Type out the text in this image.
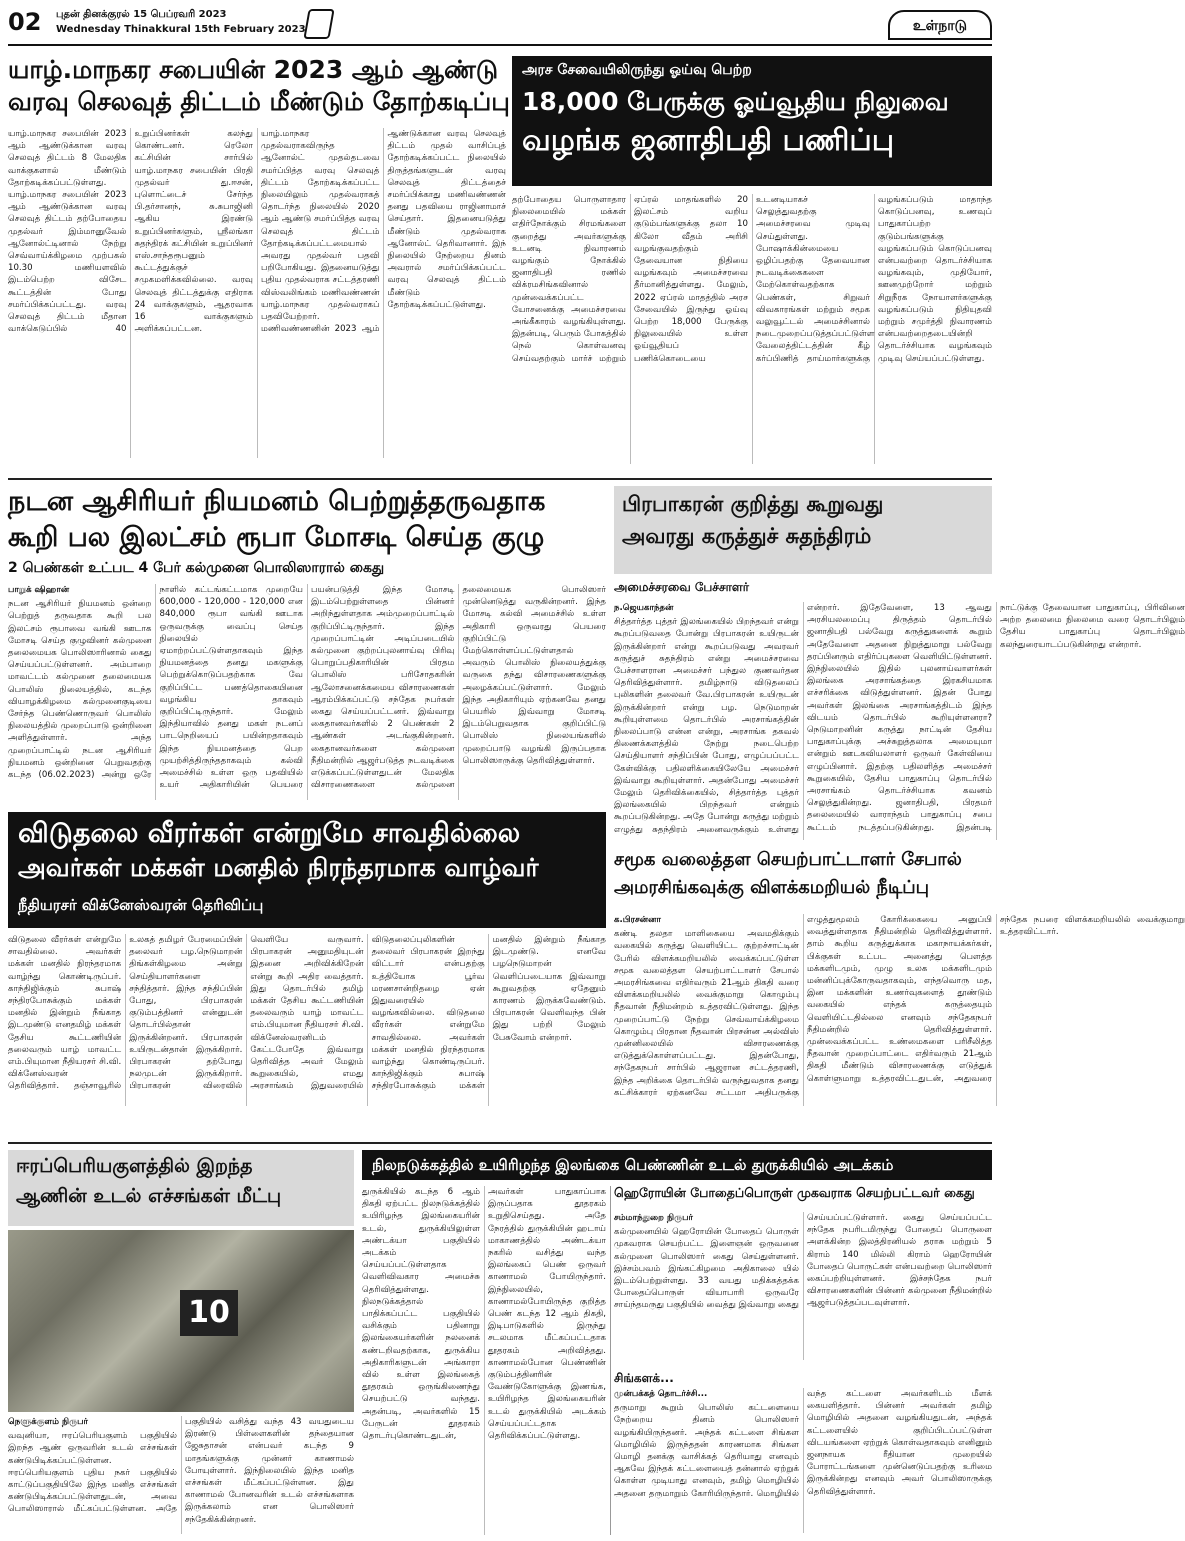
02 புதன் தினக்குரல் 15 பெப்ரவரி 2023
Wednesday Thinakkural 15th February 2023	உள்நாடு
யாழ்.மாநகர சபையின் 2023 ஆம் ஆண்டு
வரவு செலவுத் திட்டம் மீண்டும் தோற்கடிப்பு
யாழ்.மாநகர சபையின் 2023 ஆம் ஆண்டுக்கான வரவு செலவுத் திட்டம் 8 மேலதிக வாக்குகளால் மீண்டும் தோற்கடிக்கப்பட்டுள்ளது. யாழ்.மாநகர சபையின் 2023 ஆம் ஆண்டுக்கான வரவு செலவுத் திட்டம் தற்போதைய முதல்வர் இம்மானுவேல் ஆனோல்ட்டினால் நேற்று செவ்வாய்க்கிழமை முற்பகல் 10.30 மணியளவில் இடம்பெற்ற விசேட கூட்டத்தின் போது சமர்ப்பிக்கப்பட்டது. வரவு செலவுத் திட்டம் மீதான வாக்கெடுப்பில் 40 உறுப்பினர்கள் கலந்து கொண்டனர். ரெலோ கட்சியின் சார்பில் யாழ்.மாநகர சபையின் பிரதி முதல்வர் து.ஈசன், புளொட்டைச் சேர்ந்த பி.தர்சானந், சு.சுபாஜினி ஆகிய இரண்டு உறுப்பினர்களும், ஸ்ரீலங்கா சுதந்திரக் கட்சியின் உறுப்பினர் எஸ்.சாந்தரூபனும் கூட்டத்துக்குச் சமுகமளிக்கவில்லை. வரவு செலவுத் திட்டத்துக்கு எதிராக 24 வாக்குகளும், ஆதரவாக 16 வாக்குகளும் அளிக்கப்பட்டன. யாழ்.மாநகர முதல்வராகவிருந்த ஆனோல்ட் முதல்தடவை சமர்ப்பித்த வரவு செலவுத் திட்டம் தோற்கடிக்கப்பட்ட நிலையிலும் முதல்வராகத் தொடர்ந்த நிலையில் 2020 ஆம் ஆண்டு சமர்ப்பித்த வரவு செலவுத் திட்டம் தோற்கடிக்கப்பட்டமையால் அவரது முதல்வர் பதவி பறிபோகியது. இதனையடுத்து புதிய முதல்வராக சட்டத்தரணி விஸ்வலிங்கம் மணிவண்ணன் யாழ்.மாநகர முதல்வராகப் பதவியேற்றார். மணிவண்ணனின் 2023 ஆம் ஆண்டுக்கான வரவு செலவுத் திட்டம் முதல் வாசிப்புத் தோற்கடிக்கப்பட்ட நிலையில் திருத்தங்களுடன் வரவு செலவுத் திட்டத்தைச் சமர்ப்பிக்காது மணிவண்ணன் தனது பதவியை ராஜினாமாச் செய்தார். இதனையடுத்து மீண்டும் முதல்வராக ஆனோல்ட் தெரிவானார். இந் நிலையில் நேற்றைய தினம் அவரால் சமர்ப்பிக்கப்பட்ட வரவு செலவுத் திட்டம் மீண்டும் தோற்கடிக்கப்பட்டுள்ளது.
அரச சேவையிலிருந்து ஓய்வு பெற்ற
18,000 பேருக்கு ஓய்வூதிய நிலுவை
வழங்க ஜனாதிபதி பணிப்பு
தற்போதைய பொருளாதார நிலைமையில் மக்கள் எதிர்நோக்கும் சிரமங்களை குறைத்து அவர்களுக்கு உடனடி நிவாரணம் வழங்கும் நோக்கில் ஜனாதிபதி ரணில் விக்ரமசிங்கவினால் முன்வைக்கப்பட்ட யோசனைக்கு அமைச்சரவை அங்கீகாரம் வழங்கியுள்ளது. இதன்படி, பெரும் போகத்தில் நெல் கொள்வனவு செய்வதற்கும் மார்ச் மற்றும் ஏப்ரல் மாதங்களில் 20 இலட்சம் வறிய குடும்பங்களுக்கு தலா 10 கிலோ வீதம் அரிசி வழங்குவதற்கும் தேவையான நிதியை வழங்கவும் அமைச்சரவை தீர்மானித்துள்ளது. மேலும், 2022 ஏப்ரல் மாதத்தில் அரச சேவையில் இருந்து ஓய்வு பெற்ற 18,000 பேருக்கு நிலுவையில் உள்ள ஓய்வூதியப் பணிக்கொடையை உடனடியாகச் செலுத்துவதற்கு அமைச்சரவை முடிவு செய்துள்ளது. போஷாக்கின்மையை ஒழிப்பதற்கு தேவையான நடவடிக்கைகளை மேற்கொள்வதற்காக பெண்கள், சிறுவர் விவகாரங்கள் மற்றும் சமூக வலுவூட்டல் அமைச்சினால் நடைமுறைப்படுத்தப்பட்டுள்ள வேலைத்திட்டத்தின் கீழ் கர்ப்பிணித் தாய்மார்களுக்கு வழங்கப்படும் மாதாந்த கொடுப்பனவு, உணவுப் பாதுகாப்பற்ற குடும்பங்களுக்கு வழங்கப்படும் கொடுப்பனவு என்பவற்றை தொடர்ச்சியாக வழங்கவும், முதியோர், ஊனமுற்றோர் மற்றும் சிறுநீரக நோயாளர்களுக்கு வழங்கப்படும் நிதியுதவி மற்றும் சமுர்த்தி நிவாரணம் என்பவற்றைதடையின்றி தொடர்ச்சியாக வழங்கவும் முடிவு செய்யப்பட்டுள்ளது.
நடன ஆசிரியர் நியமனம் பெற்றுத்தருவதாக
கூறி பல இலட்சம் ரூபா மோசடி செய்த குழு
2 பெண்கள் உட்பட 4 பேர் கல்முனை பொலிஸாரால் கைது
பாறுக் ஷிஹான்
நடன ஆசிரியர் நியமனம் ஒன்றை பெற்றுத் தருவதாக கூறி பல இலட்சம் ரூபாவை வங்கி ஊடாக மோசடி செய்த குழுவினர் கல்முனை தலைமையக பொலிஸாரினால் கைது செய்யப்பட்டுள்ளனர். அம்பாறை மாவட்டம் கல்முனை தலைமையக பொலிஸ் நிலையத்தில், கடந்த வியாழக்கிழமை கல்முனைகுடியை சேர்ந்த பெண்ணொருவர் பொலிஸ் நிலையத்தில் முறைப்பாடு ஒன்றினை அளித்துள்ளார். அந்த முறைப்பாட்டில் நடன ஆசிரியர் நியமனம் ஒன்றினை பெறுவதற்கு கடந்த (06.02.2023) அன்று ஒரே நாளில் கட்டங்கட்டமாக முறையே 600,000 - 120,000 - 120,000 என 840,000 ரூபா வங்கி ஊடாக ஒருவருக்கு வைப்பு செய்த நிலையில் ஏமாற்றப்பட்டுள்ளதாகவும் இந்த நியமனத்தை தனது மகளுக்கு பெற்றுக்கொடுப்பதற்காக வே குறிப்பிட்ட பணத்தொகையினை வழங்கிய தாகவும் குறிப்பிட்டிருந்தார். மேலும் இந்தியாவில் தனது மகள் நடனப் பாடநெறியைப் பயின்றதாகவும் இந்த நியமனத்தை பெற முயற்சித்திருந்ததாகவும் கல்வி அமைச்சில் உள்ள ஒரு பதவியில் உயர் அதிகாரியின் பெயரை பயன்படுத்தி இந்த மோசடி இடம்பெற்றுள்ளதை பின்னர் அறிந்துள்ளதாக அம்முறைப்பாட்டில் குறிப்பிட்டிருந்தார். இந்த முறைப்பாட்டின் அடிப்படையில் கல்முனை குற்றப்புலனாய்வு பிரிவு பொறுப்பதிகாரியின் பிரதம பொலிஸ் பரிசோதகரின் ஆலோசனைக்கமைய விசாரணைகள் ஆரம்பிக்கப்பட்டு சந்தேக நபர்கள் கைது செய்யப்பட்டனர். இவ்வாறு கைதானவர்களில் 2 பெண்கள் 2 ஆண்கள் அடங்குகின்றனர். கைதானவர்களை கல்முனை நீதிமன்றில் ஆஜர்படுத்த நடவடிக்கை எடுக்கப்பட்டுள்ளதுடன் மேலதிக விசாரணைகளை கல்முனை தலைமையக பொலிஸார் முன்னெடுத்து வருகின்றனர். இந்த மோசடி கல்வி அமைச்சில் உள்ள அதிகாரி ஒருவரது பெயரை குறிப்பிட்டு மேற்கொள்ளப்பட்டுள்ளதால் அவரும் பொலிஸ் நிலையத்துக்கு வருகை தந்து விசாரணைகளுக்கு அழைக்கப்பட்டுள்ளார். மேலும் இந்த அதிகாரியும் ஏற்கனவே தனது பெயரில் இவ்வாறு மோசடி இடம்பெறுவதாக குறிப்பிட்டு பொலிஸ் நிலையங்களில் முறைப்பாடு வழங்கி இருப்பதாக பொலிஸாருக்கு தெரிவித்துள்ளார்.
பிரபாகரன் குறித்து கூறுவது
அவரது கருத்துச் சுதந்திரம்
அமைச்சரவை பேச்சாளர்
ந.ஜெயகாந்தன்
சித்தார்த்த புத்தர் இலங்கையில் பிறந்தவர் என்று கூறப்படுவதை போன்று பிரபாகரன் உயிருடன் இருக்கின்றார் என்று கூறப்படுவது அவரவர் கருத்துச் சுதந்திரம் என்று அமைச்சரவை பேச்சாளரான அமைச்சர் பந்துல குணவர்தன தெரிவித்துள்ளார். தமிழ்நாடு விடுதலைப் புலிகளின் தலைவர் வே.பிரபாகரன் உயிருடன் இருக்கின்றார் என்று பழ. நெடுமாறன் கூறியுள்ளமை தொடர்பில் அரசாங்கத்தின் நிலைப்பாடு என்ன என்று, அரசாங்க தகவல் திணைக்களத்தில் நேற்று நடைபெற்ற செய்தியாளர் சந்திப்பின் போது, எழுப்பப்பட்ட கேள்விக்கு பதிலளிக்கையிலேயே அமைச்சர் இவ்வாறு கூறியுள்ளார். அதன்போது அமைச்சர் மேலும் தெரிவிக்கையில், சித்தார்த்த புத்தர் இலங்கையில் பிறந்தவர் என்றும் கூறப்படுகின்றது. அதே போன்று கருத்து மற்றும் எழுத்து சுதந்திரம் அனைவருக்கும் உள்ளது என்றார். இதேவேளை, 13 ஆவது அரசியலமைப்பு திருத்தம் தொடர்பில் ஜனாதிபதி பல்வேறு கருத்துகளைக் கூறும் அதேவேளை அதனை நிறுத்துமாறு பல்வேறு தரப்பினரும் எதிர்ப்புகளை வெளியிட்டுள்ளனர். இந்நிலையில் இதில் புலனாய்வாளர்கள் இலங்கை அரசாங்கத்தை இரகசியமாக எச்சரிக்கை விடுத்துள்ளனர். இதன் போது அவர்கள் இலங்கை அரசாங்கத்திடம் இந்த விடயம் தொடர்பில் கூறியுள்ளனரா? நெடுமாறனின் கருத்து நாட்டின் தேசிய பாதுகாப்புக்கு அச்சுறுத்தலாக அமையுமா என்றும் ஊடகவியலாளர் ஒருவர் கேள்வியை எழுப்பினார். இதற்கு பதிலளித்த அமைச்சர் கூறுகையில், தேசிய பாதுகாப்பு தொடர்பில் அரசாங்கம் தொடர்ச்சியாக கவனம் செலுத்துகின்றது. ஜனாதிபதி, பிரதமர் தலைமையில் வாராந்தம் பாதுகாப்பு சபை கூட்டம் நடத்தப்படுகின்றது. இதன்படி நாட்டுக்கு தேவையான பாதுகாப்பு, பிரிவினை அற்ற தலைமை நிலைமை வரை தொடர்பிலும் தேசிய பாதுகாப்பு தொடர்பிலும் கலந்துரையாடப்படுகின்றது என்றார்.
விடுதலை வீரர்கள் என்றுமே சாவதில்லை
அவர்கள் மக்கள் மனதில் நிரந்தரமாக வாழ்வர்
நீதியரசர் விக்னேஸ்வரன் தெரிவிப்பு
விடுதலை வீரர்கள் என்றுமே சாவதில்லை. அவர்கள் மக்கள் மனதில் நிரந்தரமாக வாழ்ந்து கொண்டிருப்பர். காந்திஜிக்கும் சுபாஷ் சந்திரபோசுக்கும் மக்கள் மனதில் இன்றும் நீங்காத இடமுண்டு எனதமிழ் மக்கள் தேசிய கூட்டணியின் தலைவரும் யாழ் மாவட்ட எம்.பியுமான நீதியரசர் சி.வி. விக்னேஸ்வரன் தெரிவித்தார். தஞ்சாவூரில் உலகத் தமிழர் பேரமைப்பின் தலைவர் பழ.நெடுமாறன் திங்கள்கிழமை அன்று செய்தியாளர்களை சந்தித்தார். இந்த சந்திப்பின் போது, பிரபாகரன் குடும்பத்தினர் என்னுடன் தொடர்பில்தான் இருக்கின்றனர். பிரபாகரன் உயிருடன்தான் இருக்கிறார். பிரபாகரன் தற்போது நலமுடன் இருக்கிறார். பிரபாகரன் விரைவில் வெளியே வருவார். பிரபாகரன் அனுமதியுடன் இதனை அறிவிக்கிறேன் என்று கூறி அதிர வைத்தார். இது தொடர்பில் தமிழ் மக்கள் தேசிய கூட்டணியின் தலைவரும் யாழ் மாவட்ட எம்.பியுமான நீதியரசர் சி.வி. விக்னேஸ்வரனிடம் கேட்டபோதே இவ்வாறு தெரிவித்த அவர் மேலும் கூறுகையில், எமது அரசாங்கம் இதுவரையில் விடுதலைப்புலிகளின் தலைவர் பிரபாகரன் இறந்து விட்டார் என்பதற்கு உத்தியோக பூர்வ மரணசான்றிதழை ஏன் இதுவரையில் வழங்கவில்லை. விடுதலை வீரர்கள் என்றுமே சாவதில்லை. அவர்கள் மக்கள் மனதில் நிரந்தரமாக வாழ்ந்து கொண்டிருப்பர். காந்திஜிக்கும் சுபாஷ் சந்திரபோசுக்கும் மக்கள் மனதில் இன்றும் நீங்காத இடமுண்டு. எனவே பழநெடுமாறன் வெளிப்படையாக இவ்வாறு கூறுவதற்கு ஏதேனும் காரணம் இருக்கவேண்டும். பிரபாகரன் வெளிவந்த பின் இது பற்றி மேலும் பேசுவோம் என்றார்.
சமூக வலைத்தள செயற்பாட்டாளர் சேபால்
அமரசிங்கவுக்கு விளக்கமறியல் நீடிப்பு
க.பிரசன்னா
கண்டி தலதா மாளிகையை அவமதிக்கும் வகையில் கருத்து வெளியிட்ட குற்றச்சாட்டின் பேரில் விளக்கமறியலில் வைக்கப்பட்டுள்ள சமூக வலைத்தள செயற்பாட்டாளர் சேபால் அமரசிங்கவை எதிர்வரும் 21ஆம் திகதி வரை விளக்கமறியலில் வைக்குமாறு கொழும்பு நீதவான் நீதிமன்றம் உத்தரவிட்டுள்ளது. இந்த முறைப்பாட்டு நேற்று செவ்வாய்க்கிழமை கொழும்பு பிரதான நீதவான் பிரசன்ன அல்விஸ் முன்னிலையில் விசாரணைக்கு எடுத்துக்கொள்ளப்பட்டது. இதன்போது, சந்தேகநபர் சார்பில் ஆஜரான சட்டத்தரணி, இந்த அறிக்கை தொடர்பில் வருந்துவதாக தனது கட்சிக்காரர் ஏற்கனவே சட்டமா அதிபருக்கு எழுத்துமூலம் கோரிக்கையை அனுப்பி வைத்துள்ளதாக நீதிமன்றில் தெரிவித்துள்ளார். தாம் கூறிய கருத்துக்காக மகாநாயக்கர்கள், பிக்குகள் உட்பட அனைத்து பௌத்த மக்களிடமும், முழு உலக மக்களிடமும் மன்னிப்புக்கோருவதாகவும், எந்தவொரு மத, இன மக்களின் உணர்வுகளைத் தூண்டும் வகையில் எந்தக் கருத்தையும் வெளியிட்டதில்லை எனவும் சந்தேகநபர் நீதிமன்றில் தெரிவித்துள்ளார். முன்வைக்கப்பட்ட உண்மைகளை பரிசீலித்த நீதவான் முறைப்பாட்டை எதிர்வரும் 21ஆம் திகதி மீண்டும் விசாரணைக்கு எடுத்துக் கொள்ளுமாறு உத்தரவிட்டதுடன், அதுவரை சந்தேக நபரை விளக்கமறியலில் வைக்குமாறு உத்தரவிட்டார்.
ஈரப்பெரியகுளத்தில் இறந்த
ஆணின் உடல் எச்சங்கள் மீட்பு
10
நெளுக்குளம் நிருபர்
வவுனியா, ஈரப்பெரியகுளம் பகுதியில் இறந்த ஆண் ஒருவரின் உடல் எச்சங்கள் கண்டுபிடிக்கப்பட்டுள்ளன. ஈரப்பெரியகுளம் புதிய நகர் பகுதியில் காட்டுப்பகுதியிலே இந்த மனித எச்சங்கள் கண்டுபிடிக்கப்பட்டுள்ளதுடன், அவை பொலிஸாரால் மீட்கப்பட்டுள்ளன. அதே பகுதியில் வசித்து வந்த 43 வயதுடைய இரண்டு பிள்ளைகளின் தந்தையான ஜேசுதாசன் என்பவர் கடந்த 9 மாதங்களுக்கு முன்னர் காணாமல் போயுள்ளார். இந்நிலையில் இந்த மனித எச்சங்கள் மீட்கப்பட்டுள்ளன. இது காணாமல் போனவரின் உடல் எச்சங்களாக இருக்கலாம் என பொலிஸார் சந்தேகிக்கின்றனர்.
நிலநடுக்கத்தில் உயிரிழந்த இலங்கை பெண்ணின் உடல் துருக்கியில் அடக்கம்
துருக்கியில் கடந்த 6 ஆம் திகதி ஏற்பட்ட நிலநடுக்கத்தில் உயிரிழந்த இலங்கையரின் உடல், துருக்கியிலுள்ள அண்டக்யா பகுதியில் அடக்கம் செய்யப்பட்டுள்ளதாக வெளிவிவகார அமைச்சு தெரிவித்துள்ளது. நிலநடுக்கத்தால் பாதிக்கப்பட்ட பகுதியில் வசிக்கும் பதினாறு இலங்கையர்களின் நலனைக் கண்டறிவதற்காக, துருக்கிய அதிகாரிகளுடன் அங்காரா வில் உள்ள இலங்கைத் தூதரகம் ஒருங்கிணைந்து செயற்பட்டு வந்தது. அதன்படி, அவர்களில் 15 பேருடன் தூதரகம் தொடர்புகொண்டதுடன், அவர்கள் பாதுகாப்பாக இருப்பதாக தூதரகம் உறுதிசெய்தது. அதே நேரத்தில் துருக்கியின் ஹடாய் மாகாணத்தில் அண்டக்யா நகரில் வசித்து வந்த இலங்கைப் பெண் ஒருவர் காணாமல் போயிருந்தார். இந்நிலையில், காணாமல்போயிருந்த குறித்த பெண் கடந்த 12 ஆம் திகதி, இடிபாடுகளில் இருந்து சடலமாக மீட்கப்பட்டதாக தூதரகம் அறிவித்தது. காணாமல்போன பெண்ணின் குடும்பத்தினரின் வேண்டுகோளுக்கு இணங்க, உயிரிழந்த இலங்கையரின் உடல் துருக்கியில் அடக்கம் செய்யப்பட்டதாக தெரிவிக்கப்பட்டுள்ளது.
ஹெரோயின் போதைப்பொருள் முகவராக செயற்பட்டவர் கைது
சம்மாந்துறை நிருபர்
கல்முனையில் ஹெரோயின் போதைப் பொருள் முகவராக செயற்பட்ட இளைஞன் ஒருவனை கல்முனை பொலிஸார் கைது செய்துள்ளனர். இச்சம்பவம் இங்கட்கிழமை அதிகாலை யில் இடம்பெற்றுள்ளது. 33 வயது மதிக்கத்தக்க போதைப்பொருள் வியாபாரி ஒருவரே சாய்ந்தமருது பகுதியில் வைத்து இவ்வாறு கைது செய்யப்பட்டுள்ளார். கைது செய்யப்பட்ட சந்தேக நபரிடமிருந்து போதைப் பொருளை அளக்கின்ற இலத்திரனியல் தராசு மற்றும் 5 கிராம் 140 மில்லி கிராம் ஹெரோயின் போதைப் பொருட்கள் என்பவற்றை பொலிஸார் கைப்பற்றியுள்ளனர். இச்சந்தேக நபர் விசாரணைகளின் பின்னர் கல்முனை நீதிமன்றில் ஆஜர்படுத்தப்படவுள்ளார்.
சிங்களக்...
முன்பக்கத் தொடர்ச்சி...
தருமாறு கூறும் பொலிஸ் கட்டளையை நேற்றைய தினம் பொலிஸார் வழங்கியிருந்தனர். அந்தக் கட்டளை சிங்கள மொழியில் இருந்ததன் காரணமாக சிங்கள மொழி தனக்கு வாசிக்கத் தெரியாது எனவும் ஆகவே இந்தக் கட்டளையைத் தன்னால் ஏற்றுக் கொள்ள முடியாது எனவும், தமிழ் மொழியில் அதனை தருமாறும் கோரியிருந்தார். மொழியில் வந்த கட்டளை அவர்களிடம் மீளக் கையளித்தார். பின்னர் அவர்கள் தமிழ் மொழியில் அதனை வழங்கியதுடன், அந்தக் கட்டளையில் குறிப்பிடப்பட்டுள்ள விடயங்களை ஏற்றுக் கொள்வதாகவும் எனினும் ஜனநாயக ரீதியான முறையில் போராட்டங்களை முன்னெடுப்பதற்கு உரிமை இருக்கின்றது எனவும் அவர் பொலிஸாருக்கு தெரிவித்துள்ளார்.
